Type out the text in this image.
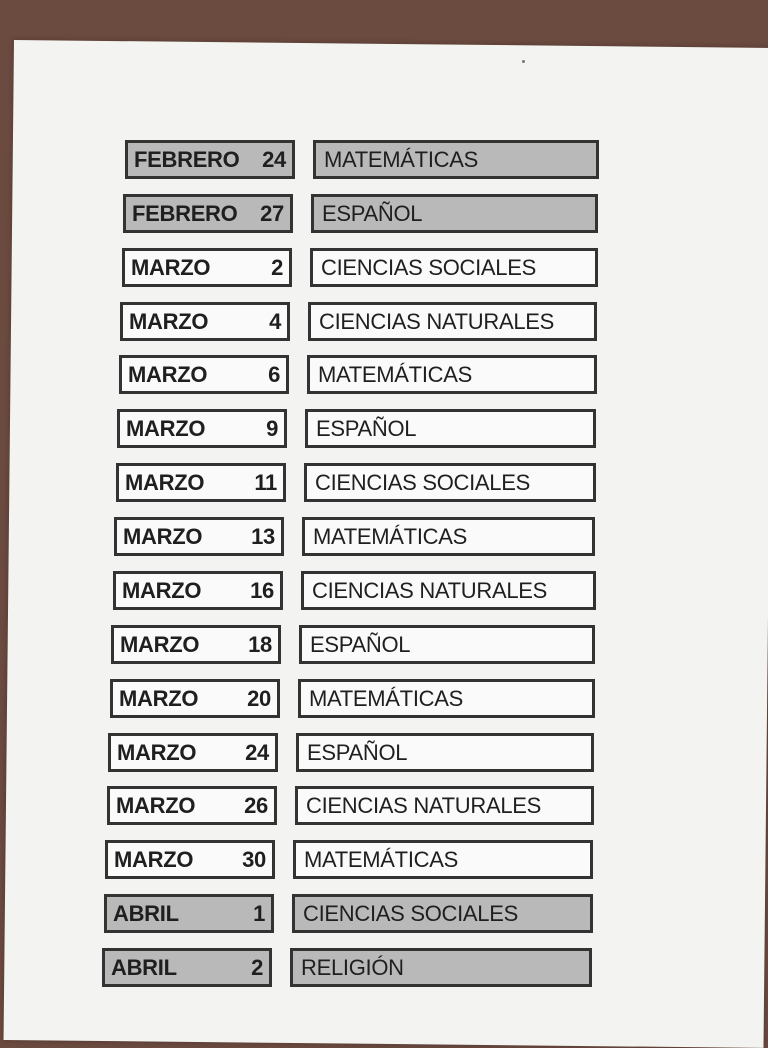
FEBRERO 24 MATEMÁTICAS
FEBRERO 27 ESPAÑOL
MARZO	2 CIENCIAS SOCIALES
MARZO	4 CIENCIAS NATURALES
MARZO	6 MATEMÁTICAS
MARZO	9 ESPAÑOL
MARZO 11 CIENCIAS SOCIALES
MARZO 13 MATEMÁTICAS
MARZO 16 CIENCIAS NATURALES
MARZO 18 ESPAÑOL
MARZO 20 MATEMÁTICAS
MARZO 24 ESPAÑOL
MARZO 26 CIENCIAS NATURALES
MARZO 30 MATEMÁTICAS
ABRIL	1 CIENCIAS SOCIALES
ABRIL	2 RELIGIÓN
